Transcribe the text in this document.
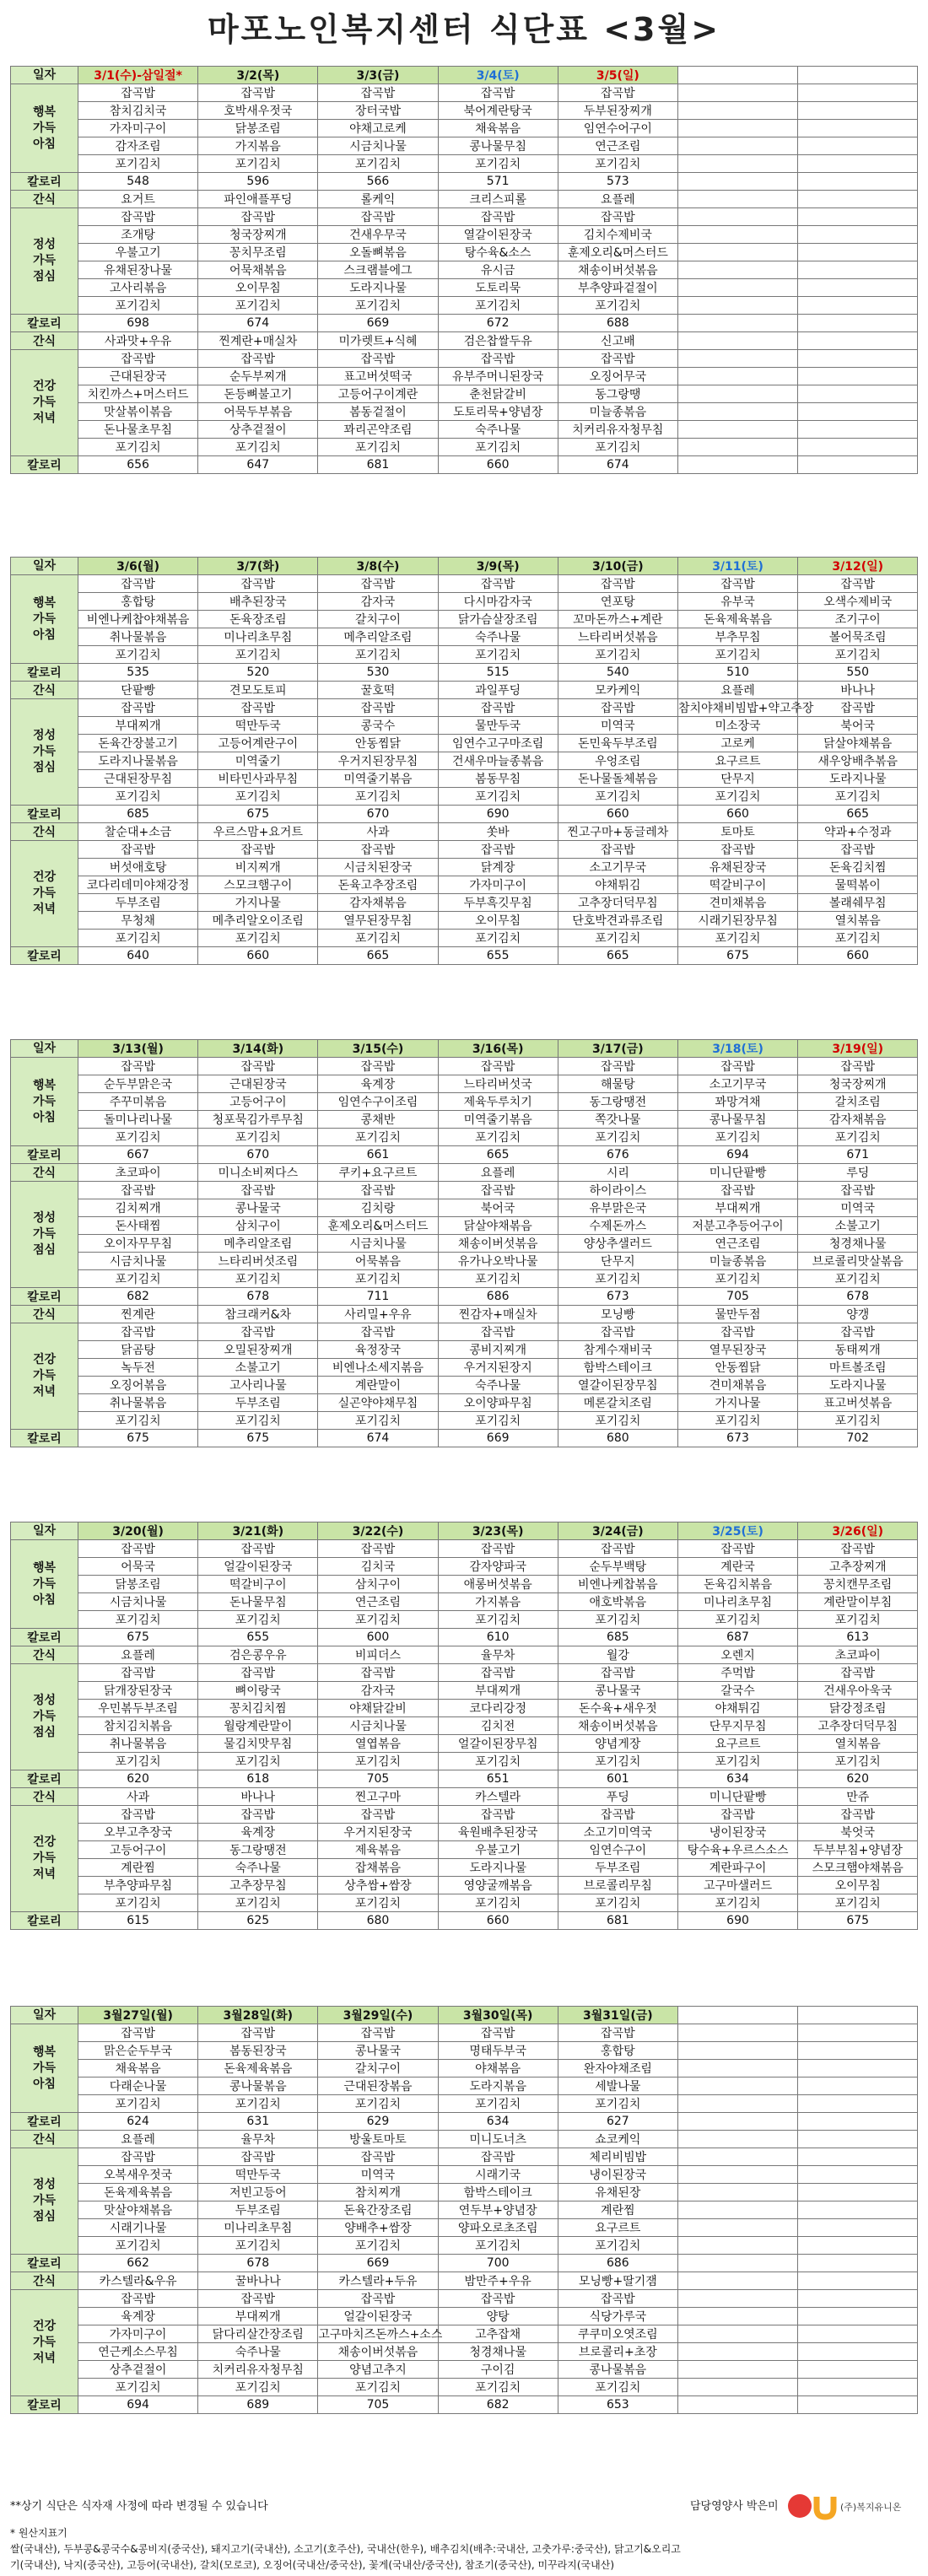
마포노인복지센터 식단표 <3월>
일자	3/1(수)-삼일절*	3/2(목)	3/3(금)	3/4(토)	3/5(일)		

행복
가득
아침	잡곡밥	잡곡밥	잡곡밥	잡곡밥	잡곡밥		
	참치김치국	호박새우젓국	장터국밥	북어계란탕국	두부된장찌개		
	가자미구이	닭봉조림	야채고로케	채육볶음	임연수어구이		
	감자조림	가지볶음	시금치나물	콩나물무침	연근조림		
	포기김치	포기김치	포기김치	포기김치	포기김치		
칼로리	548	596	566	571	573		
간식	요거트	파인애플푸딩	롤케익	크리스피롤	요플레		

정성
가득
점심	잡곡밥	잡곡밥	잡곡밥	잡곡밥	잡곡밥		
	조개탕	청국장찌개	건새우무국	열갈이된장국	김치수제비국		
	우불고기	꽁치무조림	오돌뼈볶음	탕수육&소스	훈제오리&머스터드		
	유채된장나물	어묵채볶음	스크램블에그	유시금	채송이버섯볶음		
	고사리볶음	오이무침	도라지나물	도토리묵	부추양파겉절이		
	포기김치	포기김치	포기김치	포기김치	포기김치		
칼로리	698	674	669	672	688		
간식	사과맛+우유	찐계란+매실차	미가렛트+식혜	검은찹쌀두유	신고배		

건강
가득
저녁	잡곡밥	잡곡밥	잡곡밥	잡곡밥	잡곡밥		
	근대된장국	순두부찌개	표고버섯떡국	유부주머니된장국	오징어무국		
	치킨까스+머스터드	돈등뼈불고기	고등어구이계란	춘천닭갈비	동그랑땡		
	맛살볶이볶음	어묵두부볶음	봄동겉절이	도토리묵+양념장	미늘종볶음		
	돈나물초무침	상추겉절이	꽈리곤약조림	숙주나물	치커리유자청무침		
	포기김치	포기김치	포기김치	포기김치	포기김치		
칼로리	656	647	681	660	674		
일자	3/6(월)	3/7(화)	3/8(수)	3/9(목)	3/10(금)	3/11(토)	3/12(일)

행복
가득
아침	잡곡밥	잡곡밥	잡곡밥	잡곡밥	잡곡밥	잡곡밥	잡곡밥
	홍합탕	배추된장국	감자국	다시마감자국	연포탕	유부국	오색수제비국
	비엔나케찹야채볶음	돈육장조림	갈치구이	닭가슴살장조림	꼬마돈까스+계란	돈육제육볶음	조기구이
	취나물볶음	미나리초무침	메추리알조림	숙주나물	느타리버섯볶음	부추무침	볼어묵조림
	포기김치	포기김치	포기김치	포기김치	포기김치	포기김치	포기김치
칼로리	535	520	530	515	540	510	550
간식	단팥빵	견모도토피	꿀호떡	과일푸딩	모카케익	요플레	바나나

정성
가득
점심	잡곡밥	잡곡밥	잡곡밥	잡곡밥	잡곡밥	참치야채비빔밥+약고추장	잡곡밥
	부대찌개	떡만두국	콩국수	물만두국	미역국	미소장국	북어국
	돈육간장불고기	고등어계란구이	안동찜닭	임연수고구마조림	돈민육두부조림	고로케	닭살야채볶음
	도라지나물볶음	미역줄기	우거지된장무침	건새우마늘종볶음	우엉조림	요구르트	새우앙배추볶음
	근대된장무침	비타민사과무침	미역줄기볶음	봄동무침	돈나물돌체볶음	단무지	도라지나물
	포기김치	포기김치	포기김치	포기김치	포기김치	포기김치	포기김치
칼로리	685	675	670	690	660	660	665
간식	찰순대+소금	우르스맘+요거트	사과	쏫바	찐고구마+동글레차	토마토	약과+수정과

건강
가득
저녁	잡곡밥	잡곡밥	잡곡밥	잡곡밥	잡곡밥	잡곡밥	잡곡밥
	버섯애호탕	비지찌개	시금치된장국	닭계장	소고기무국	유채된장국	돈육김치찜
	코다리데미야채강정	스모크햄구이	돈육고추장조림	가자미구이	야채튀김	떡갈비구이	물떡볶이
	두부조림	가지나물	감자채볶음	두부흑깃무침	고추장더덕무침	견미채볶음	볼래쉐무침
	무청채	메추리알오이조림	열무된장무침	오이무침	단호박견과류조림	시래기된장무침	열치볶음
	포기김치	포기김치	포기김치	포기김치	포기김치	포기김치	포기김치
칼로리	640	660	665	655	665	675	660
일자	3/13(월)	3/14(화)	3/15(수)	3/16(목)	3/17(금)	3/18(토)	3/19(일)

행복
가득
아침	잡곡밥	잡곡밥	잡곡밥	잡곡밥	잡곡밥	잡곡밥	잡곡밥
	순두부맑은국	근대된장국	육계장	느타리버섯국	해물탕	소고기무국	청국장찌개
	주꾸미볶음	고등어구이	임연수구이조림	제육두루치기	동그랑땡전	꽈망겨채	갈치조림
	돌미나리나물	청포묵김가루무침	콩채반	미역줄기볶음	쪽갓나물	콩나물무침	감자채볶음
	포기김치	포기김치	포기김치	포기김치	포기김치	포기김치	포기김치
칼로리	667	670	661	665	676	694	671
간식	초코파이	미니소비찌다스	쿠키+요구르트	요플레	시리	미니단팥빵	루딩

정성
가득
점심	잡곡밥	잡곡밥	잡곡밥	잡곡밥	하이라이스	잡곡밥	잡곡밥
	김치찌개	콩나물국	김치랑	북어국	유부맑은국	부대찌개	미역국
	돈사태찜	삼치구이	훈제오리&머스터드	닭살야채볶음	수제돈까스	저분고추등어구이	소불고기
	오이자무무침	메추리알조림	시금치나물	채송이버섯볶음	양상추샐러드	연근조림	청경채나물
	시금치나물	느타리버섯조림	어묵볶음	유가나오박나물	단무지	미늘종볶음	브로콜리맛살볶음
	포기김치	포기김치	포기김치	포기김치	포기김치	포기김치	포기김치
칼로리	682	678	711	686	673	705	678
간식	찐계란	참크래커&차	사리밀+우유	찐감자+매실차	모닝빵	물만두점	양갱

건강
가득
저녁	잡곡밥	잡곡밥	잡곡밥	잡곡밥	잡곡밥	잡곡밥	잡곡밥
	닭곰탕	오밀된장찌개	육정장국	콩비지찌개	참게수재비국	열무된장국	동태찌개
	녹두전	소불고기	비엔나소세지볶음	우거지된장지	함박스테이크	안동찜닭	마트볼조림
	오징어볶음	고사리나물	계란말이	숙주나물	열갈이된장무침	견미채볶음	도라지나물
	취나물볶음	두부조림	실곤약야채무침	오이양파무침	메론갈치조림	가지나물	표고버섯볶음
	포기김치	포기김치	포기김치	포기김치	포기김치	포기김치	포기김치
칼로리	675	675	674	669	680	673	702
일자	3/20(월)	3/21(화)	3/22(수)	3/23(목)	3/24(금)	3/25(토)	3/26(일)

행복
가득
아침	잡곡밥	잡곡밥	잡곡밥	잡곡밥	잡곡밥	잡곡밥	잡곡밥
	어묵국	얼갈이된장국	김치국	감자양파국	순두부백탕	계란국	고추장찌개
	닭봉조림	떡갈비구이	삼치구이	애롱버섯볶음	비엔나케찹볶음	돈육김치볶음	꽁치캔무조림
	시금치나물	돈나물무침	연근조림	가지볶음	애호박볶음	미나리초무침	계란말이부침
	포기김치	포기김치	포기김치	포기김치	포기김치	포기김치	포기김치
칼로리	675	655	600	610	685	687	613
간식	요플레	검은콩우유	비피더스	율무차	월강	오렌지	초코파이

정성
가득
점심	잡곡밥	잡곡밥	잡곡밥	잡곡밥	잡곡밥	주먹밥	잡곡밥
	닭개장된장국	뼈이랑국	감자국	부대찌개	콩나물국	갈국수	건새우아욱국
	우민볶두부조림	꽁치김치찜	야채닭갈비	코다리강정	돈수육+새우젓	야채튀김	닭강정조림
	참치김치볶음	월랑계란말이	시금치나물	김치전	채송이버섯볶음	단무지무침	고추장더덕무침
	취나물볶음	물김치맛무침	열엽볶음	얼갈이된장무침	양념게장	요구르트	열치볶음
	포기김치	포기김치	포기김치	포기김치	포기김치	포기김치	포기김치
칼로리	620	618	705	651	601	634	620
간식	사과	바나나	찐고구마	카스텔라	푸딩	미니단팥빵	만쥬

건강
가득
저녁	잡곡밥	잡곡밥	잡곡밥	잡곡밥	잡곡밥	잡곡밥	잡곡밥
	오부고추장국	육계장	우거지된장국	육원배추된장국	소고기미역국	냉이된장국	북엇국
	고등어구이	동그랑땡전	제육볶음	우불고기	임연수구이	탕수육+우르스소스	두부부침+양념장
	계란찜	숙주나물	잡채볶음	도라지나물	두부조림	계란파구이	스모크햄야채볶음
	부추양파무침	고추장무침	상추쌈+쌈장	영양굴깨볶음	브로콜리무침	고구마샐러드	오이무침
	포기김치	포기김치	포기김치	포기김치	포기김치	포기김치	포기김치
칼로리	615	625	680	660	681	690	675
일자	3월27일(월)	3월28일(화)	3월29일(수)	3월30일(목)	3월31일(금)		

행복
가득
아침	잡곡밥	잡곡밥	잡곡밥	잡곡밥	잡곡밥		
	맑은순두부국	봄동된장국	콩나물국	명태두부국	홍합탕		
	채육볶음	돈육제육볶음	갈치구이	야채볶음	완자야채조림		
	다래순나물	콩나물볶음	근대된장볶음	도라지볶음	세발나물		
	포기김치	포기김치	포기김치	포기김치	포기김치		
칼로리	624	631	629	634	627		
간식	요플레	율무차	방울토마토	미니도너츠	쇼코케익		

정성
가득
점심	잡곡밥	잡곡밥	잡곡밥	잡곡밥	체리비빔밥		
	오복새우젓국	떡만두국	미역국	시래기국	냉이된장국		
	돈육제육볶음	저빈고등어	참치찌개	함박스테이크	유채된장		
	맛살야채볶음	두부조림	돈육간장조림	연두부+양념장	계란찜		
	시래기나물	미나리초무침	양배추+쌈장	양파오로초조림	요구르트		
	포기김치	포기김치	포기김치	포기김치	포기김치		
칼로리	662	678	669	700	686		
간식	카스텔라&우유	꿀바나나	카스텔라+두유	밤만주+우유	모닝빵+딸기잼		

건강
가득
저녁	잡곡밥	잡곡밥	잡곡밥	잡곡밥	잡곡밥		
	육계장	부대찌개	얼갈이된장국	양탕	식당가루국		
	가자미구이	닭다리살간장조림	고구마치즈돈까스+소스	고추잡채	쿠쿠미오엿조림		
	연근케소스무침	숙주나물	채송이버섯볶음	청경채나물	브로콜리+초장		
	상추겉절이	치커리유자청무침	양념고추지	구이김	콩나물볶음		
	포기김치	포기김치	포기김치	포기김치	포기김치		
칼로리	694	689	705	682	653		
**상기 식단은 식자재 사정에 따라 변경될 수 있습니다	담당영양사 박은미	(주)복지유니온
* 원산지표기
쌀(국내산), 두부콩&콩국수&콩비지(중국산), 돼지고기(국내산), 소고기(호주산), 국내산(한우), 배추김치(배추:국내산, 고춧가루:중국산), 닭고기&오리고
기(국내산), 낙지(중국산), 고등어(국내산), 갈치(모로코), 오징어(국내산/중국산), 꽃게(국내산/중국산), 참조기(중국산), 미꾸라지(국내산)
